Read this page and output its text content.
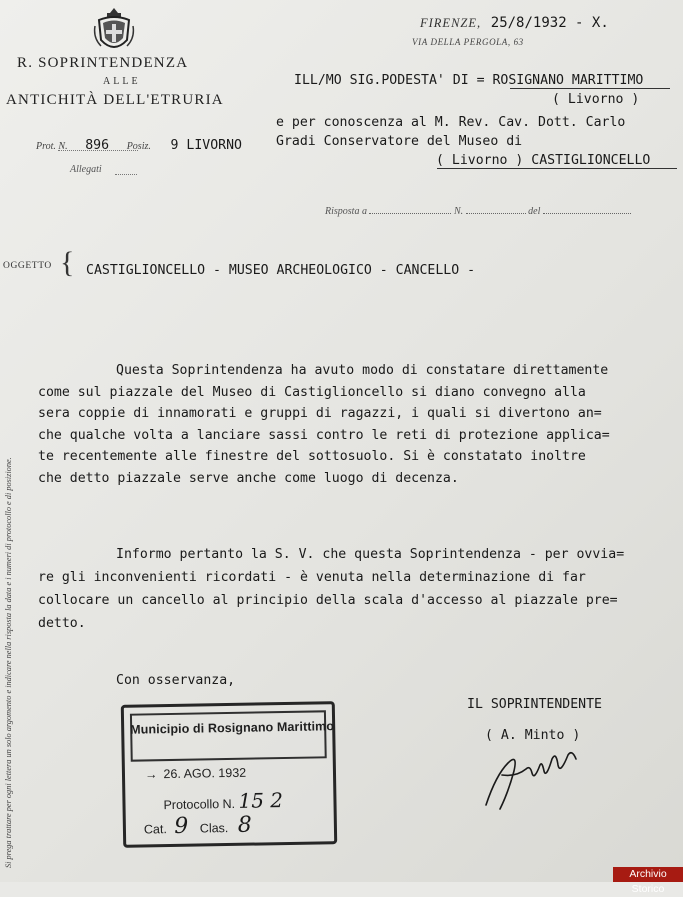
R. SOPRINTENDENZA
ALLE
ANTICHITÀ DELL'ETRURIA
Prot. N. 896 Posiz. 9 LIVORNO
Allegati
FIRENZE, 25/8/1932 - X.
VIA DELLA PERGOLA, 63
ILL/MO SIG.PODESTA' DI = ROSIGNANO MARITTIMO
( Livorno )
e per conoscenza al M. Rev. Cav. Dott. Carlo
Gradi Conservatore del Museo di
( Livorno ) CASTIGLIONCELLO
Risposta a	N.	del
OGGETTO { CASTIGLIONCELLO - MUSEO ARCHEOLOGICO - CANCELLO -
Questa Soprintendenza ha avuto modo di constatare direttamente
come sul piazzale del Museo di Castiglioncello si diano convegno alla
sera coppie di innamorati e gruppi di ragazzi, i quali si divertono an=
che qualche volta a lanciare sassi contro le reti di protezione applica=
te recentemente alle finestre del sottosuolo. Si è constatato inoltre
che detto piazzale serve anche come luogo di decenza.
Informo pertanto la S. V. che questa Soprintendenza - per ovvia=
re gli inconvenienti ricordati - è venuta nella determinazione di far
collocare un cancello al principio della scala d'accesso al piazzale pre=
detto.
Con osservanza,
IL SOPRINTENDENTE
( A. Minto )
Municipio di Rosignano Marittimo
→ 26. AGO. 1932
Protocollo N. 15 2
Cat. 9 Clas. 8
Si prega trattare per ogni lettera un solo argomento e indicare nella risposta la data e i numeri di protocollo e di posizione.
Archivio Storico
